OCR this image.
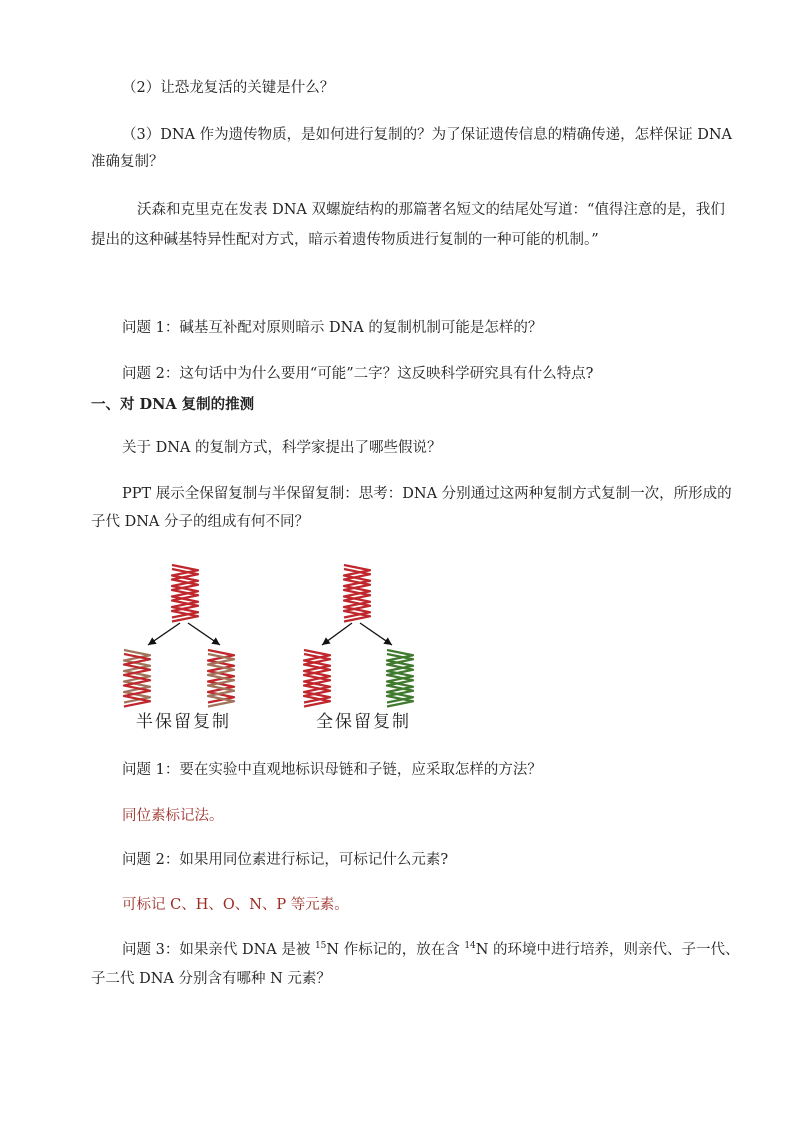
（2）让恐龙复活的关键是什么？
（3）DNA 作为遗传物质，是如何进行复制的？为了保证遗传信息的精确传递，怎样保证 DNA
准确复制？
沃森和克里克在发表 DNA 双螺旋结构的那篇著名短文的结尾处写道：“值得注意的是，我们
提出的这种碱基特异性配对方式，暗示着遗传物质进行复制的一种可能的机制。”
问题 1：碱基互补配对原则暗示 DNA 的复制机制可能是怎样的？
问题 2：这句话中为什么要用“可能”二字？这反映科学研究具有什么特点?
一、对 DNA 复制的推测
关于 DNA 的复制方式，科学家提出了哪些假说？
PPT 展示全保留复制与半保留复制：思考：DNA 分别通过这两种复制方式复制一次，所形成的
子代 DNA 分子的组成有何不同？
半保留复制	全保留复制
问题 1：要在实验中直观地标识母链和子链，应采取怎样的方法？
同位素标记法。
问题 2：如果用同位素进行标记，可标记什么元素?
可标记 C、H、O、N、P 等元素。
问题 3：如果亲代 DNA 是被 $^{15}$N 作标记的，放在含 $^{14}$N 的环境中进行培养，则亲代、子一代、
子二代 DNA 分别含有哪种 N 元素？
